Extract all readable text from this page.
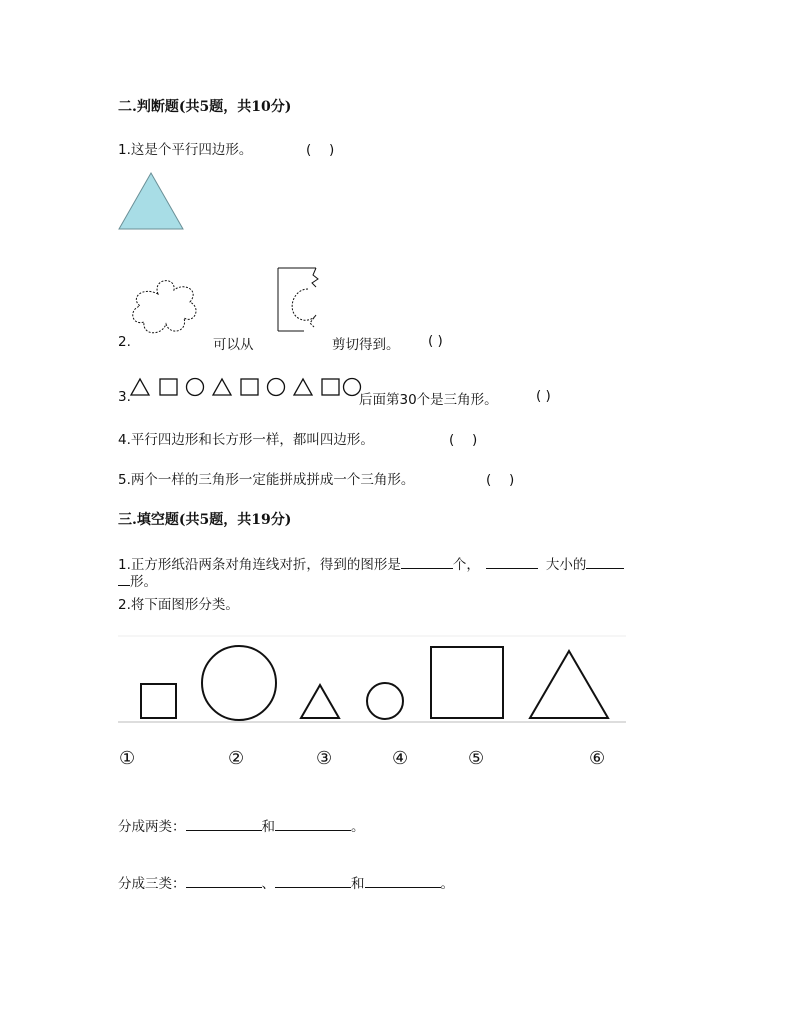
二.判断题(共5题，共10分)
1.这是个平行四边形。	(　 )
2.	可以从	剪切得到。 ( )
3.	后面第30个是三角形。	( )
4.平行四边形和长方形一样，都叫四边形。	(　 )
5.两个一样的三角形一定能拼成拼成一个三角形。	(　 )
三.填空题(共5题，共19分)
1.正方形纸沿两条对角连线对折，得到的图形是	个，	大小的
形。
2.将下面图形分类。
①	②	③	④	⑤	⑥
分成两类：	和	。
分成三类：	、	和	。
